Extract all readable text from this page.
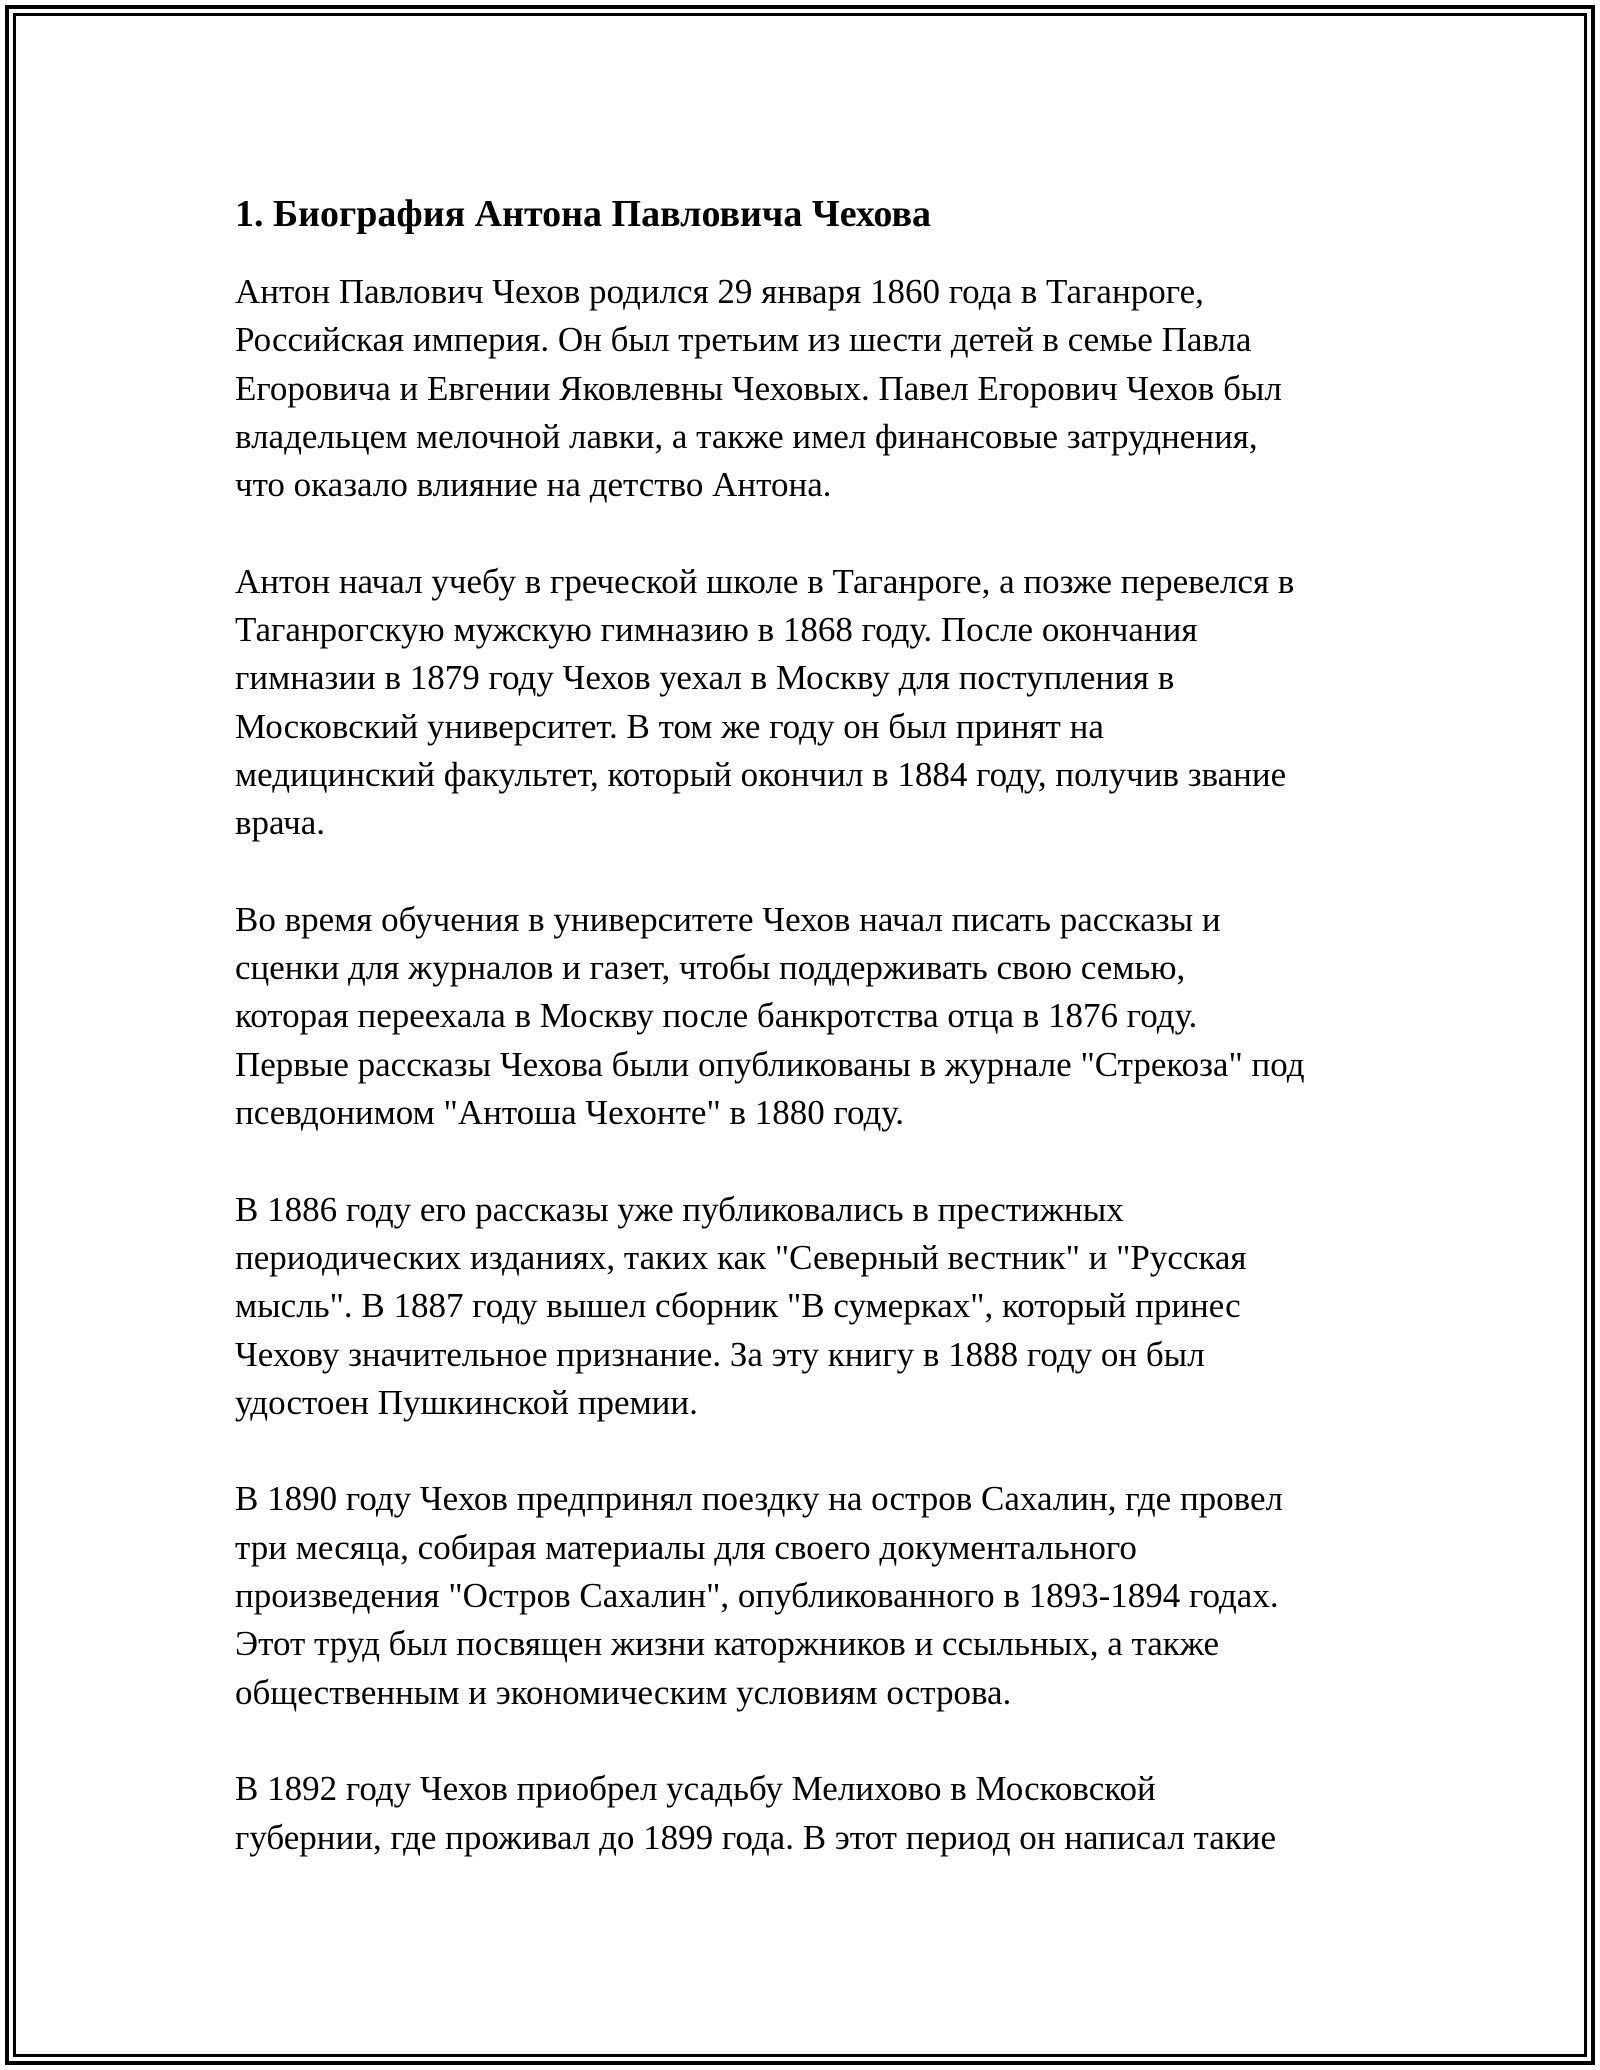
1. Биография Антона Павловича Чехова
Антон Павлович Чехов родился 29 января 1860 года в Таганроге,
Российская империя. Он был третьим из шести детей в семье Павла
Егоровича и Евгении Яковлевны Чеховых. Павел Егорович Чехов был
владельцем мелочной лавки, а также имел финансовые затруднения,
что оказало влияние на детство Антона.
Антон начал учебу в греческой школе в Таганроге, а позже перевелся в
Таганрогскую мужскую гимназию в 1868 году. После окончания
гимназии в 1879 году Чехов уехал в Москву для поступления в
Московский университет. В том же году он был принят на
медицинский факультет, который окончил в 1884 году, получив звание
врача.
Во время обучения в университете Чехов начал писать рассказы и
сценки для журналов и газет, чтобы поддерживать свою семью,
которая переехала в Москву после банкротства отца в 1876 году.
Первые рассказы Чехова были опубликованы в журнале "Стрекоза" под
псевдонимом "Антоша Чехонте" в 1880 году.
В 1886 году его рассказы уже публиковались в престижных
периодических изданиях, таких как "Северный вестник" и "Русская
мысль". В 1887 году вышел сборник "В сумерках", который принес
Чехову значительное признание. За эту книгу в 1888 году он был
удостоен Пушкинской премии.
В 1890 году Чехов предпринял поездку на остров Сахалин, где провел
три месяца, собирая материалы для своего документального
произведения "Остров Сахалин", опубликованного в 1893-1894 годах.
Этот труд был посвящен жизни каторжников и ссыльных, а также
общественным и экономическим условиям острова.
В 1892 году Чехов приобрел усадьбу Мелихово в Московской
губернии, где проживал до 1899 года. В этот период он написал такие
